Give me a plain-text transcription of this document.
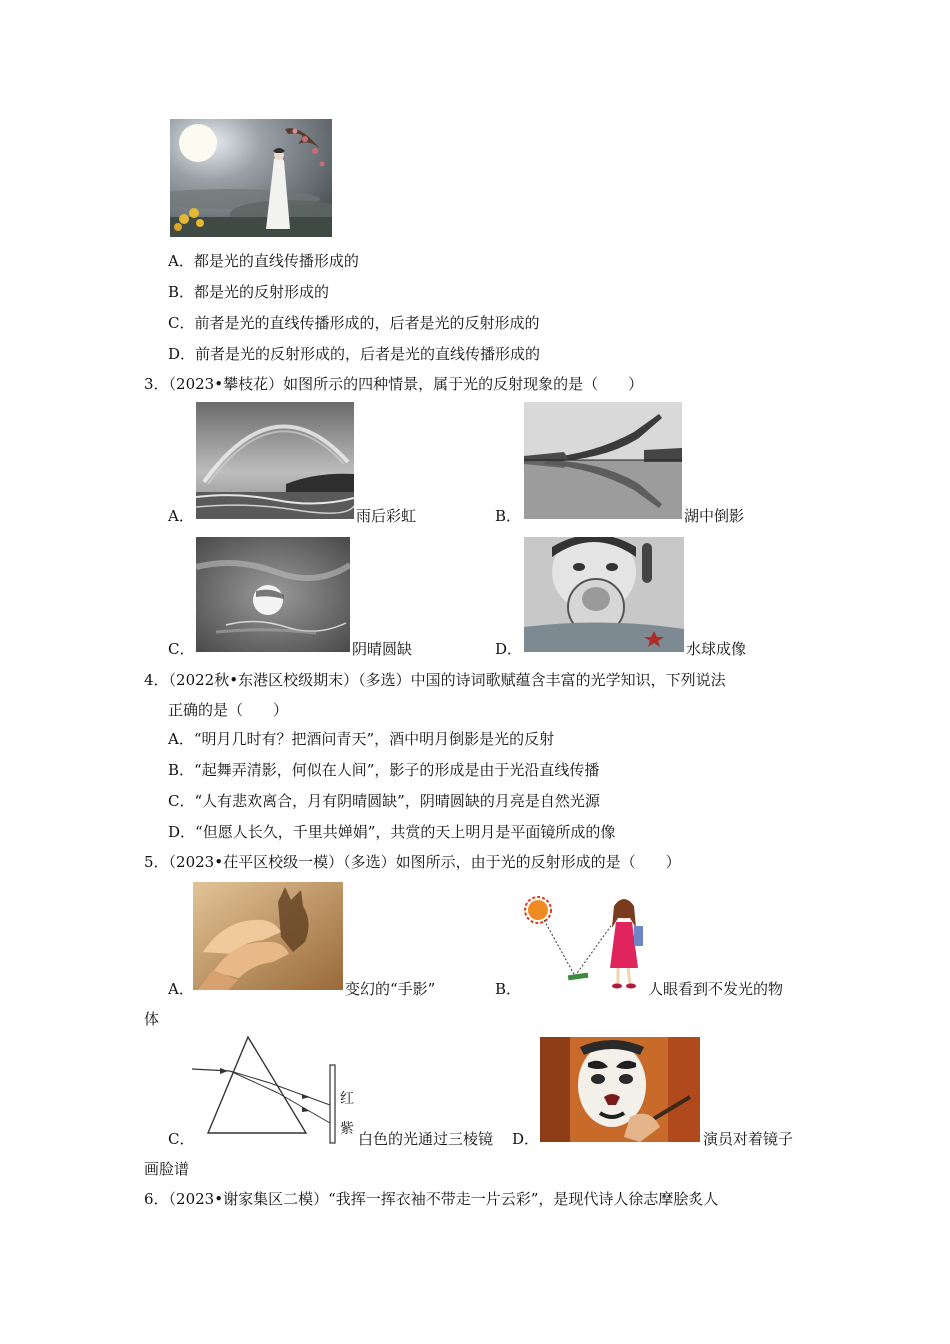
A．都是光的直线传播形成的
B．都是光的反射形成的
C．前者是光的直线传播形成的，后者是光的反射形成的
D．前者是光的反射形成的，后者是光的直线传播形成的
3．（2023•攀枝花）如图所示的四种情景，属于光的反射现象的是（　　）
A．	雨后彩虹	B．	湖中倒影
C．	阴晴圆缺	D．	水球成像
4．（2022秋•东港区校级期末）（多选）中国的诗词歌赋蕴含丰富的光学知识，下列说法
正确的是（　　）
A．“明月几时有？把酒问青天”，酒中明月倒影是光的反射
B．“起舞弄清影，何似在人间”，影子的形成是由于光沿直线传播
C．“人有悲欢离合，月有阴晴圆缺”，阴晴圆缺的月亮是自然光源
D．“但愿人长久，千里共婵娟”，共赏的天上明月是平面镜所成的像
5．（2023•茌平区校级一模）（多选）如图所示，由于光的反射形成的是（　　）
A．	变幻的“手影”	B．	人眼看到不发光的物
体
红
紫
C．	白色的光通过三棱镜 D．	演员对着镜子
画脸谱
6．（2023•谢家集区二模）“我挥一挥衣袖不带走一片云彩”，是现代诗人徐志摩脍炙人
